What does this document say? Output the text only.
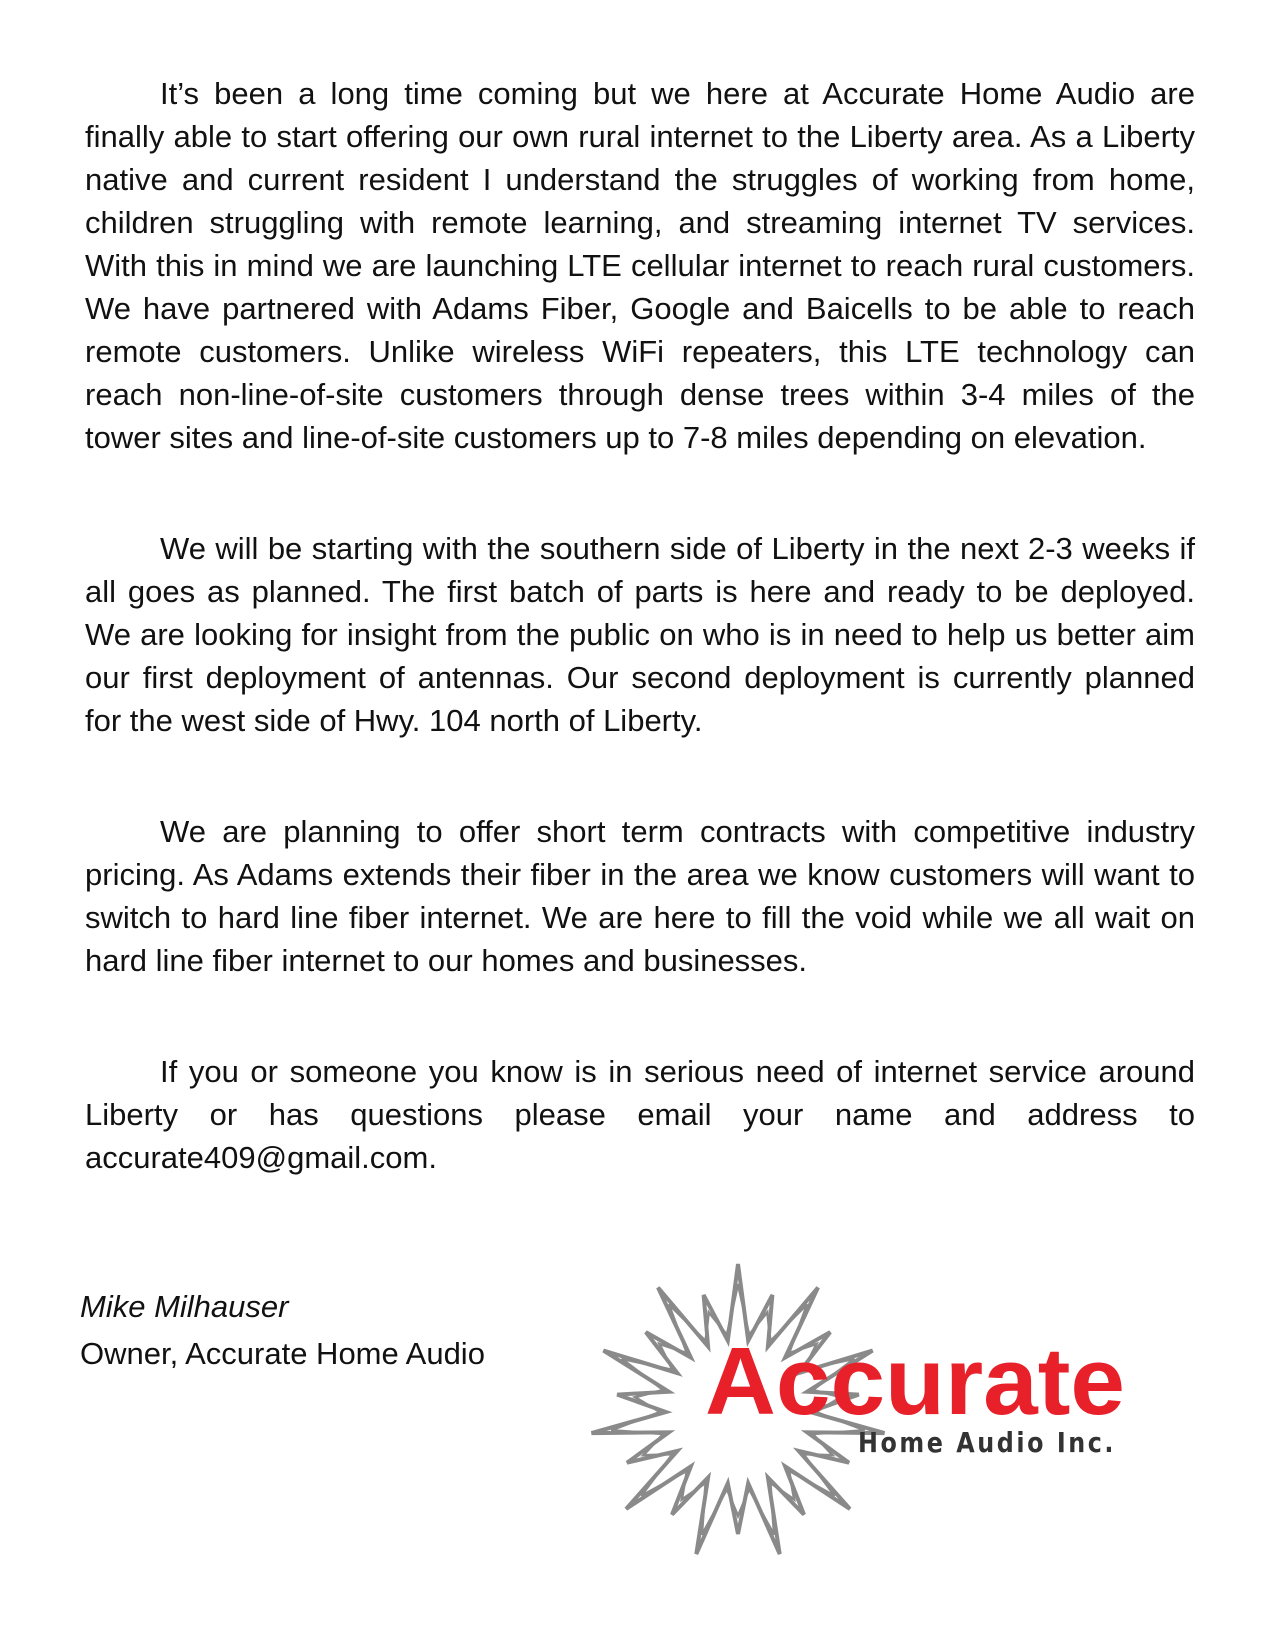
It’s been a long time coming but we here at Accurate Home Audio are finally able to start offering our own rural internet to the Liberty area. As a Liberty native and current resident I understand the struggles of working from home, children struggling with remote learning, and streaming internet TV services. With this in mind we are launching LTE cellular internet to reach rural customers. We have partnered with Adams Fiber, Google and Baicells to be able to reach remote customers. Unlike wireless WiFi repeaters, this LTE technology can reach non-line-of-site customers through dense trees within 3-4 miles of the tower sites and line-of-site customers up to 7-8 miles depending on elevation.

We will be starting with the southern side of Liberty in the next 2-3 weeks if all goes as planned. The first batch of parts is here and ready to be deployed. We are looking for insight from the public on who is in need to help us better aim our first deployment of antennas. Our second deployment is currently planned for the west side of Hwy. 104 north of Liberty.

We are planning to offer short term contracts with competitive industry pricing. As Adams extends their fiber in the area we know customers will want to switch to hard line fiber internet. We are here to fill the void while we all wait on hard line fiber internet to our homes and businesses.

If you or someone you know is in serious need of internet service around Liberty or has questions please email your name and address to accurate409@gmail.com.

Mike Milhauser
Owner, Accurate Home Audio Accurate
Home Audio Inc.
